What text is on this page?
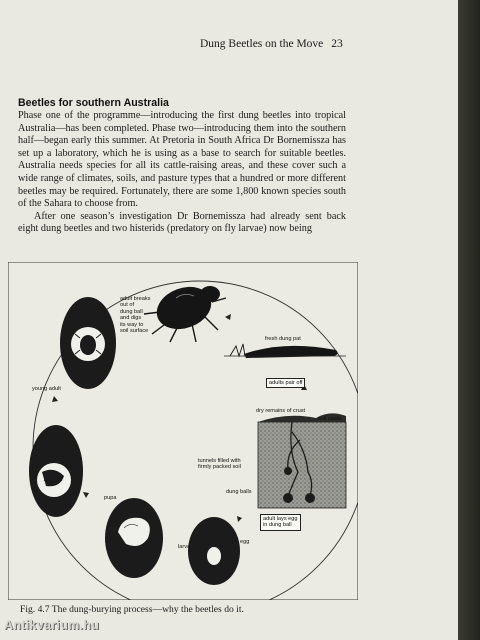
Dung Beetles on the Move 23
Beetles for southern Australia

Phase one of the programme—introducing the first dung beetles into tropical Australia—has been completed. Phase two—introducing them into the southern half—began early this summer. At Pretoria in South Africa Dr Bornemissza has set up a laboratory, which he is using as a base to search for suitable beetles. Australia needs species for all its cattle-raising areas, and these cover such a wide range of climates, soils, and pasture types that a hundred or more different beetles may be required. Fortunately, there are some 1,800 known species south of the Sahara to choose from.

After one season’s investigation Dr Bornemissza had already sent back eight dung beetles and two histerids (predatory on fly larvae) now being

adult breaks
out of
dung ball
and digs
its way to
soil surface
fresh dung pat
adults pair off
dry remains of crust
soil casts
tunnels filled with
firmly packed soil
dung balls
adult lays egg
in dung ball
egg
larva
pupa
young adult
Fig. 4.7 The dung-burying process—why the beetles do it.
Antikvarium.hu
